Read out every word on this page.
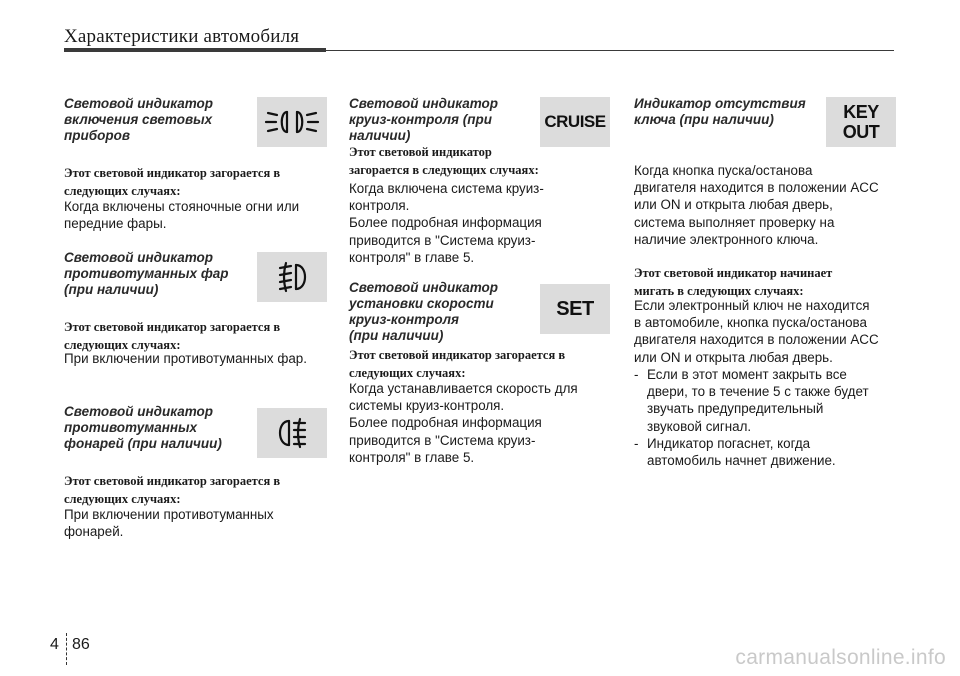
Характеристики автомобиля
Световой индикатор
включения световых
приборов
Этот световой индикатор загорается в
следующих случаях:
Когда включены стояночные огни или
передние фары.
Световой индикатор
противотуманных фар
(при наличии)
Этот световой индикатор загорается в
следующих случаях:
При включении противотуманных фар.
Световой индикатор
противотуманных
фонарей (при наличии)
Этот световой индикатор загорается в
следующих случаях:
При включении противотуманных
фонарей.
Световой индикатор
круиз-контроля (при
наличии)
CRUISE
Этот световой индикатор
загорается в следующих случаях:
Когда включена система круиз-
контроля.
Более подробная информация
приводится в "Система круиз-
контроля" в главе 5.
Световой индикатор
установки скорости
круиз-контроля
(при наличии)
SET
Этот световой индикатор загорается в
следующих случаях:
Когда устанавливается скорость для
системы круиз-контроля.
Более подробная информация
приводится в "Система круиз-
контроля" в главе 5.
Индикатор отсутствия
ключа (при наличии)	KEY
OUT
Когда кнопка пуска/останова
двигателя находится в положении ACC
или ON и открыта любая дверь,
система выполняет проверку на
наличие электронного ключа.
Этот световой индикатор начинает
мигать в следующих случаях:
Если электронный ключ не находится
в автомобиле, кнопка пуска/останова
двигателя находится в положении ACC
или ON и открыта любая дверь.
- Если в этот момент закрыть все
двери, то в течение 5 с также будет
звучать предупредительный
звуковой сигнал.
- Индикатор погаснет, когда
автомобиль начнет движение.
4 86
carmanualsonline.info
